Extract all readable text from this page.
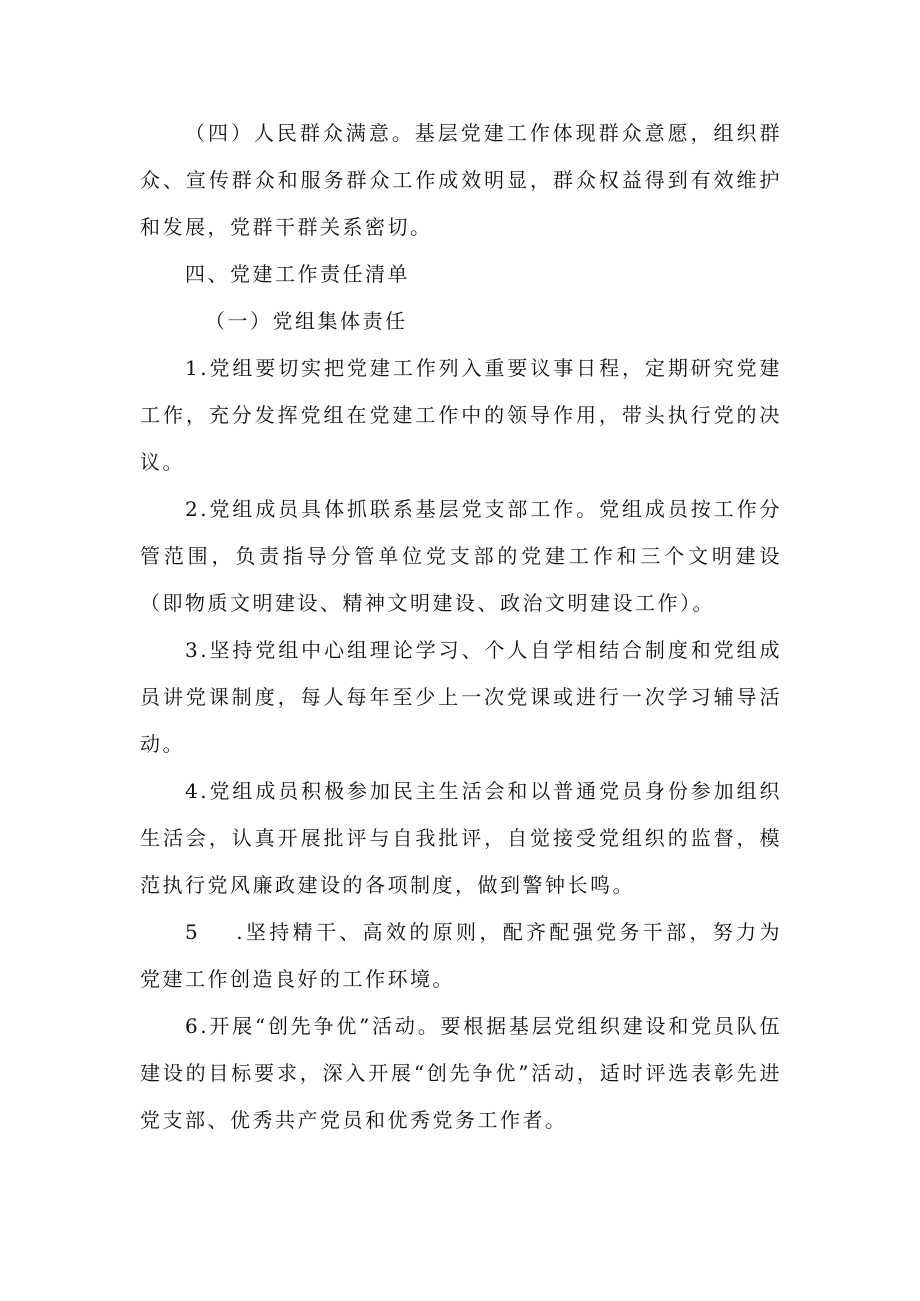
（四）人民群众满意。基层党建工作体现群众意愿，组织群众、宣传群众和服务群众工作成效明显，群众权益得到有效维护和发展，党群干群关系密切。

四、党建工作责任清单

（一）党组集体责任

1.党组要切实把党建工作列入重要议事日程，定期研究党建工作，充分发挥党组在党建工作中的领导作用，带头执行党的决议。

2.党组成员具体抓联系基层党支部工作。党组成员按工作分管范围，负责指导分管单位党支部的党建工作和三个文明建设（即物质文明建设、精神文明建设、政治文明建设工作）。

3.坚持党组中心组理论学习、个人自学相结合制度和党组成员讲党课制度，每人每年至少上一次党课或进行一次学习辅导活动。

4.党组成员积极参加民主生活会和以普通党员身份参加组织生活会，认真开展批评与自我批评，自觉接受党组织的监督，模范执行党风廉政建设的各项制度，做到警钟长鸣。

5 .坚持精干、高效的原则，配齐配强党务干部，努力为党建工作创造良好的工作环境。

6.开展“创先争优”活动。要根据基层党组织建设和党员队伍建设的目标要求，深入开展“创先争优”活动，适时评选表彰先进党支部、优秀共产党员和优秀党务工作者。
